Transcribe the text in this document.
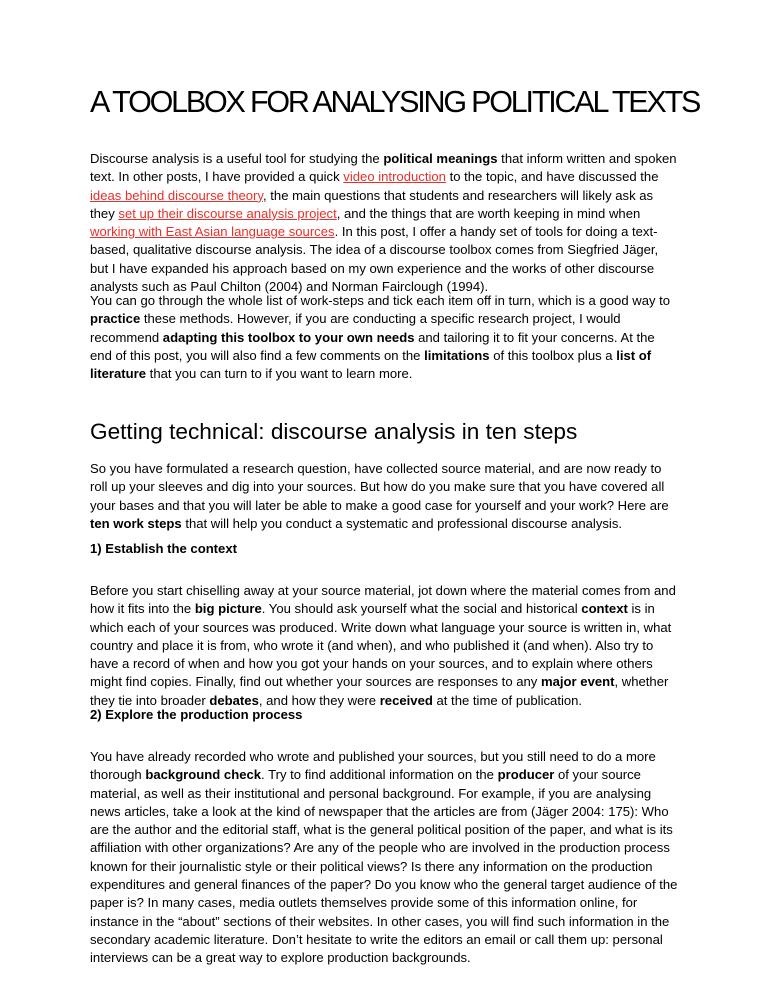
A TOOLBOX FOR ANALYSING POLITICAL TEXTS

Discourse analysis is a useful tool for studying the political meanings that inform written and spoken text. In other posts, I have provided a quick video introduction to the topic, and have discussed the ideas behind discourse theory, the main questions that students and researchers will likely ask as they set up their discourse analysis project, and the things that are worth keeping in mind when working with East Asian language sources. In this post, I offer a handy set of tools for doing a text-based, qualitative discourse analysis. The idea of a discourse toolbox comes from Siegfried Jäger, but I have expanded his approach based on my own experience and the works of other discourse analysts such as Paul Chilton (2004) and Norman Fairclough (1994).

You can go through the whole list of work-steps and tick each item off in turn, which is a good way to practice these methods. However, if you are conducting a specific research project, I would recommend adapting this toolbox to your own needs and tailoring it to fit your concerns. At the end of this post, you will also find a few comments on the limitations of this toolbox plus a list of literature that you can turn to if you want to learn more.

Getting technical: discourse analysis in ten steps

So you have formulated a research question, have collected source material, and are now ready to roll up your sleeves and dig into your sources. But how do you make sure that you have covered all your bases and that you will later be able to make a good case for yourself and your work? Here are ten work steps that will help you conduct a systematic and professional discourse analysis.

1) Establish the context

Before you start chiselling away at your source material, jot down where the material comes from and how it fits into the big picture. You should ask yourself what the social and historical context is in which each of your sources was produced. Write down what language your source is written in, what country and place it is from, who wrote it (and when), and who published it (and when). Also try to have a record of when and how you got your hands on your sources, and to explain where others might find copies. Finally, find out whether your sources are responses to any major event, whether they tie into broader debates, and how they were received at the time of publication.

2) Explore the production process

You have already recorded who wrote and published your sources, but you still need to do a more thorough background check. Try to find additional information on the producer of your source material, as well as their institutional and personal background. For example, if you are analysing news articles, take a look at the kind of newspaper that the articles are from (Jäger 2004: 175): Who are the author and the editorial staff, what is the general political position of the paper, and what is its affiliation with other organizations? Are any of the people who are involved in the production process known for their journalistic style or their political views? Is there any information on the production expenditures and general finances of the paper? Do you know who the general target audience of the paper is? In many cases, media outlets themselves provide some of this information online, for instance in the “about” sections of their websites. In other cases, you will find such information in the secondary academic literature. Don’t hesitate to write the editors an email or call them up: personal interviews can be a great way to explore production backgrounds.
